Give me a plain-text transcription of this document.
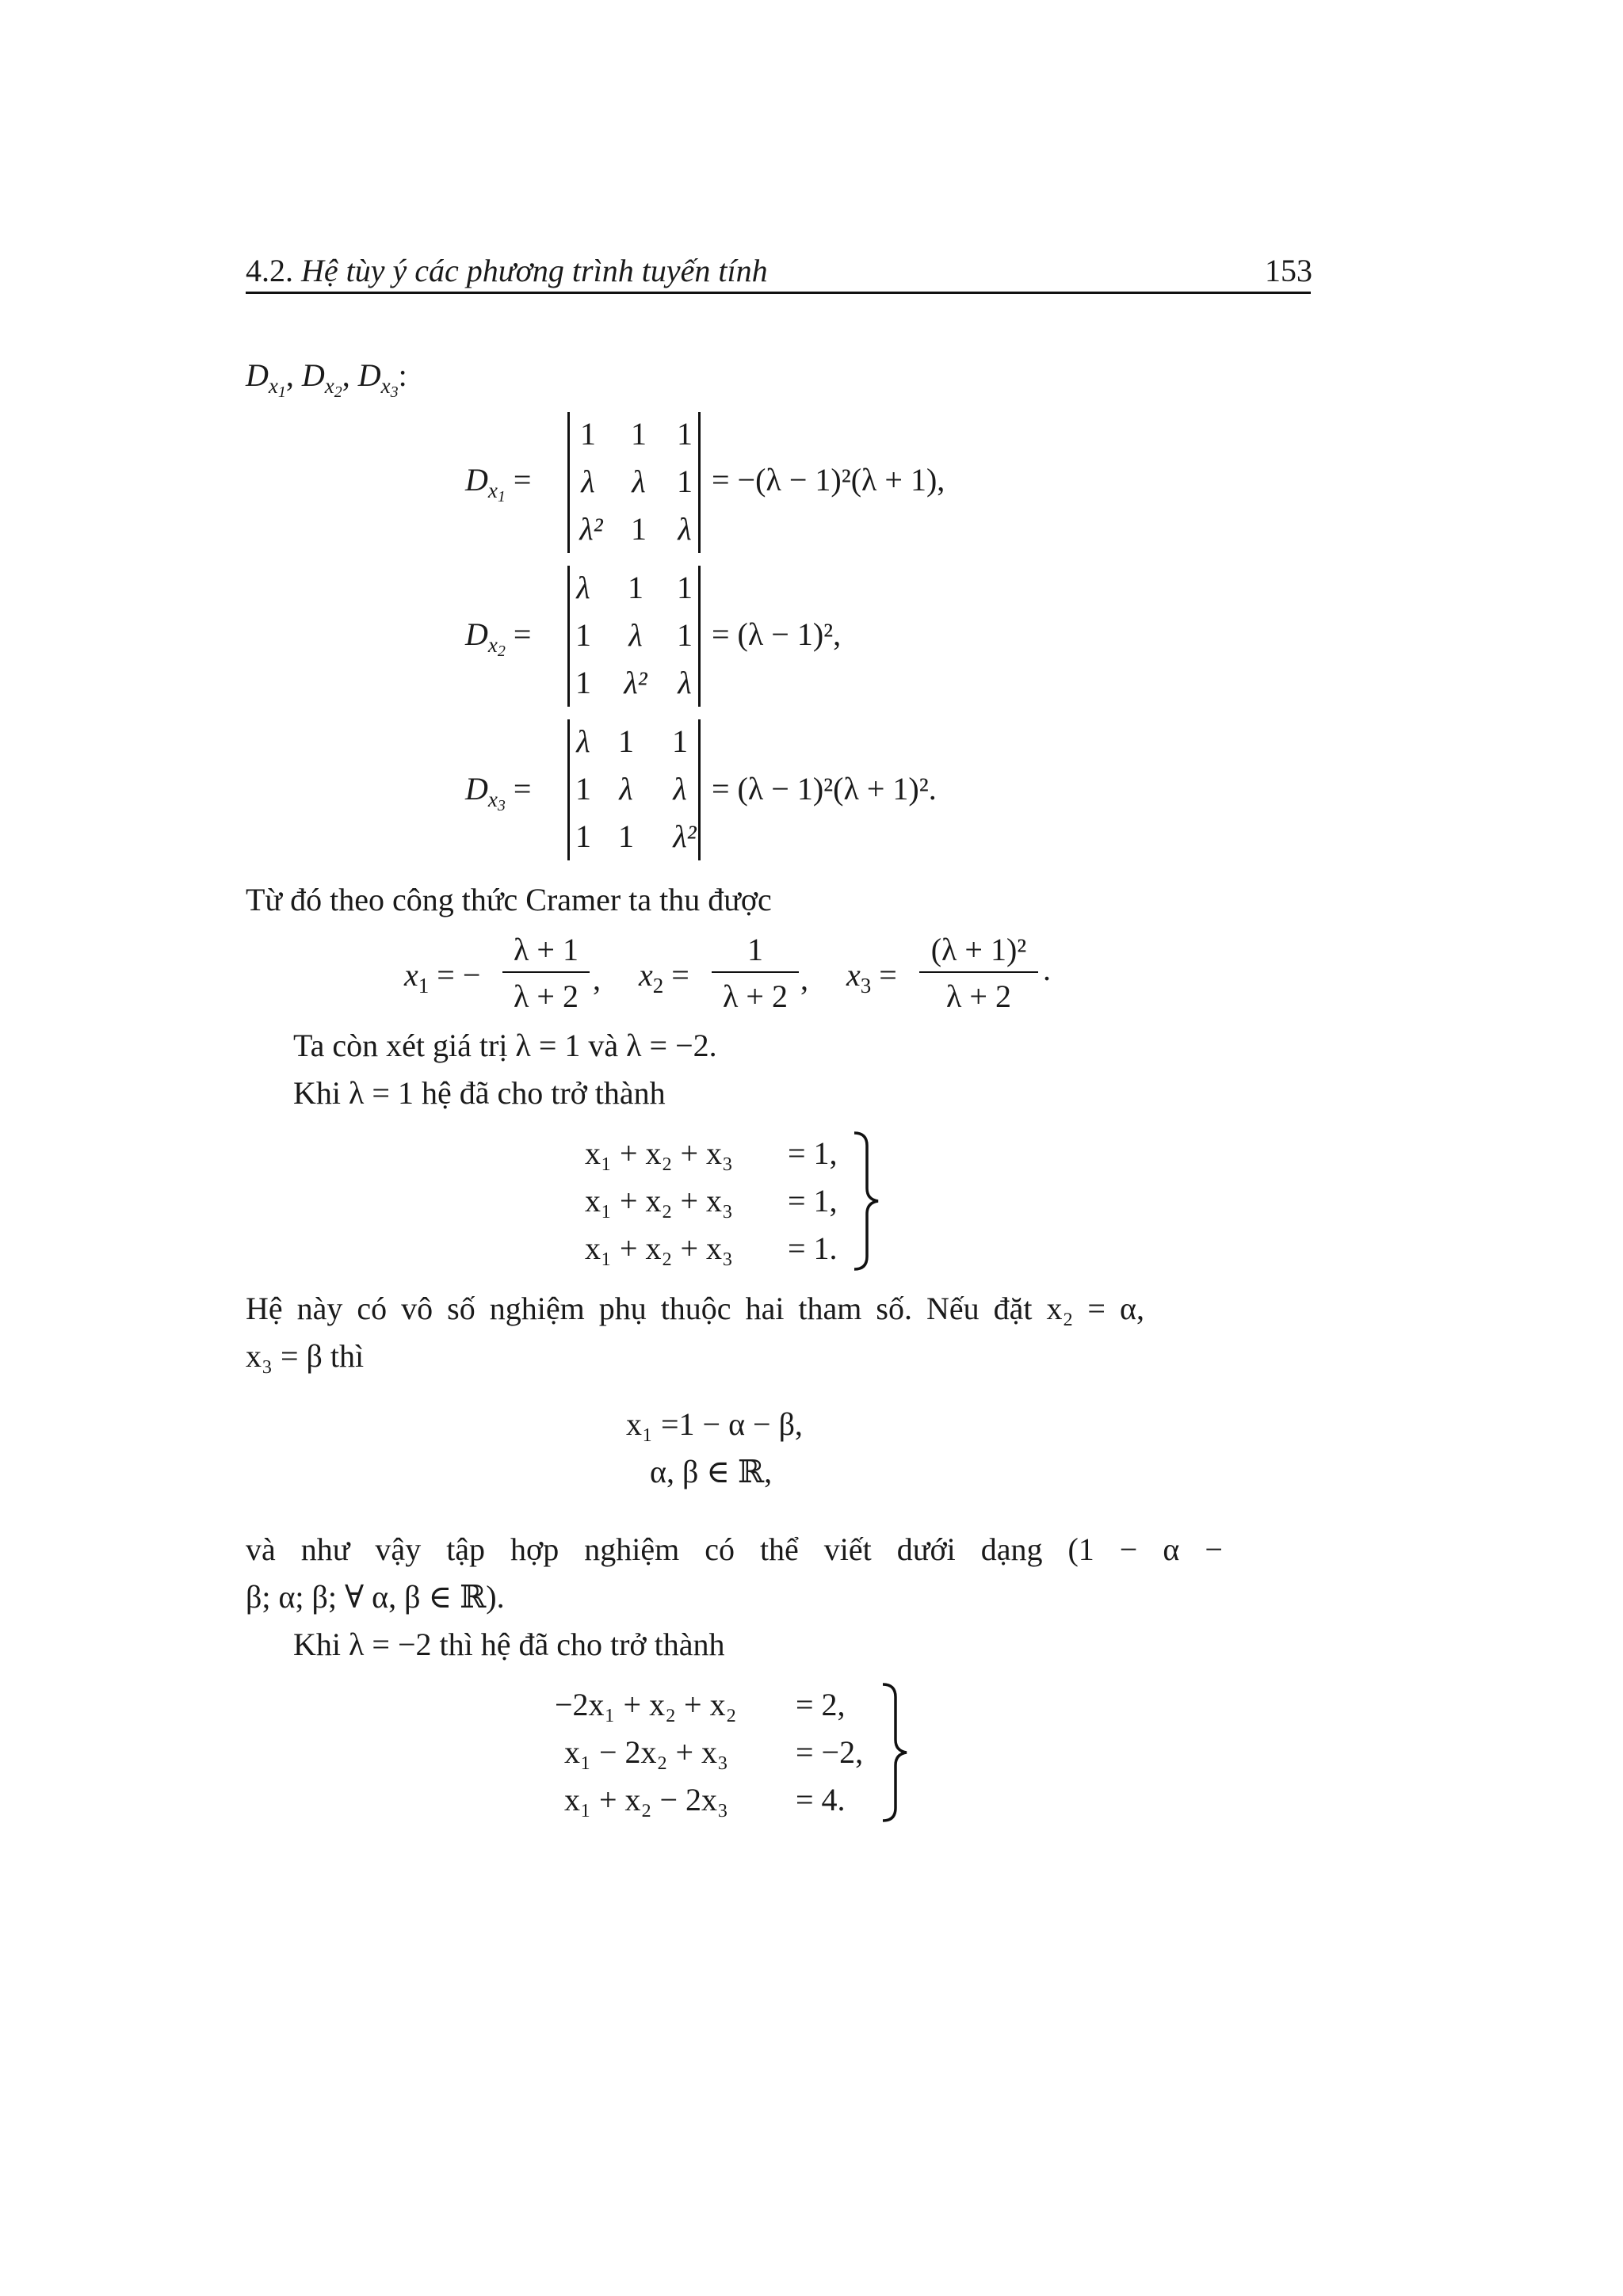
4.2. Hệ tùy ý các phương trình tuyến tính	153
$D_{x_1}$, $D_{x_2}$, $D_{x_3}$:
$D_{x_1}$ =
1	1 1
λ	λ 1
λ² 1 λ
= −(λ − 1)²(λ + 1),
$D_{x_2}$ =
λ	1	1
1	λ	1
1	λ² λ
= (λ − 1)²,
$D_{x_3}$ =
λ 1	1
1 λ	λ
1 1	λ²
= (λ − 1)²(λ + 1)².
Từ đó theo công thức Cramer ta thu được
$x_1$ = −
λ + 1
λ + 2 , $x_2$ =
1
λ + 2 , $x_3$ =
(λ + 1)²
λ + 2
.
Ta còn xét giá trị λ = 1 và λ = −2.
Khi λ = 1 hệ đã cho trở thành
x₁ + x₂ + x₃ = 1,
x₁ + x₂ + x₃ = 1,
x₁ + x₂ + x₃ = 1.
Hệ này có vô số nghiệm phụ thuộc hai tham số. Nếu đặt x₂ = α,
x₃ = β thì
x₁ =1 − α − β,
α, β ∈ ℝ,
và như vậy tập hợp nghiệm có thể viết dưới dạng (1 − α −
β; α; β; ∀ α, β ∈ ℝ).
Khi λ = −2 thì hệ đã cho trở thành
−2x₁ + x₂ + x₂ = 2,
x₁ − 2x₂ + x₃ = −2,
x₁ + x₂ − 2x₃ = 4.
